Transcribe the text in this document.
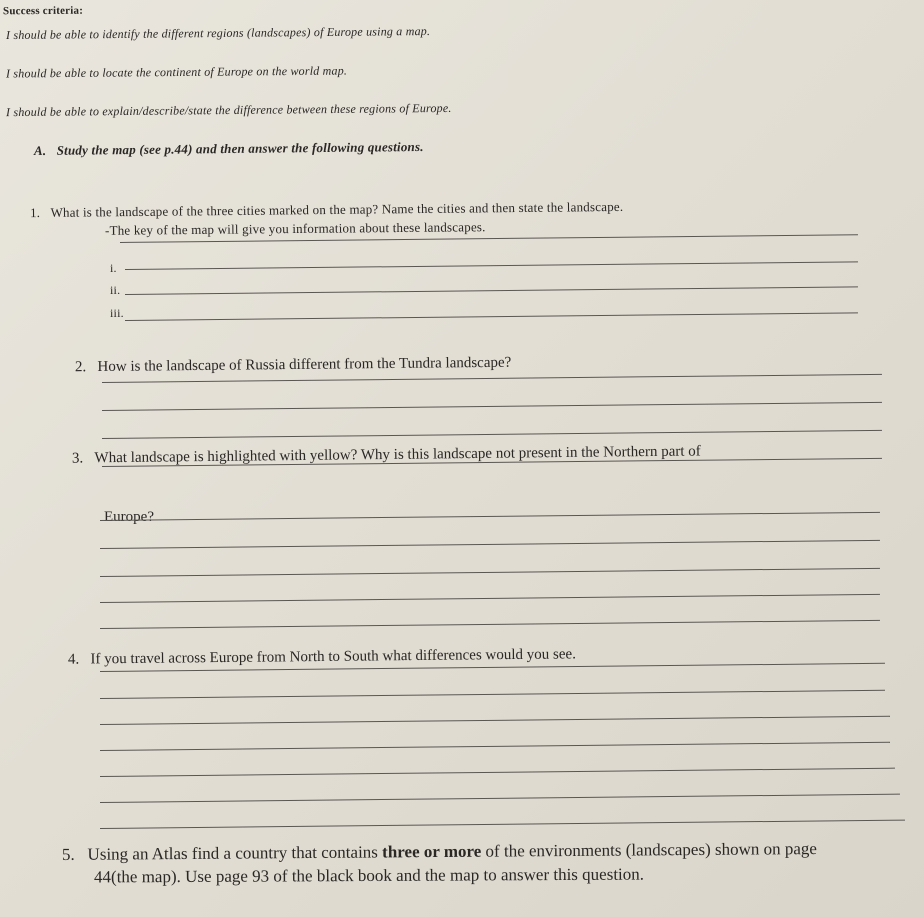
Success criteria:
I should be able to identify the different regions (landscapes) of Europe using a map.
I should be able to locate the continent of Europe on the world map.
I should be able to explain/describe/state the difference between these regions of Europe.
A. Study the map (see p.44) and then answer the following questions.
1. What is the landscape of the three cities marked on the map? Name the cities and then state the landscape.
-The key of the map will give you information about these landscapes.
i.
ii.
iii.
2. How is the landscape of Russia different from the Tundra landscape?
3. What landscape is highlighted with yellow? Why is this landscape not present in the Northern part of
Europe?
4. If you travel across Europe from North to South what differences would you see.
5. Using an Atlas find a country that contains three or more of the environments (landscapes) shown on page
44(the map). Use page 93 of the black book and the map to answer this question.
